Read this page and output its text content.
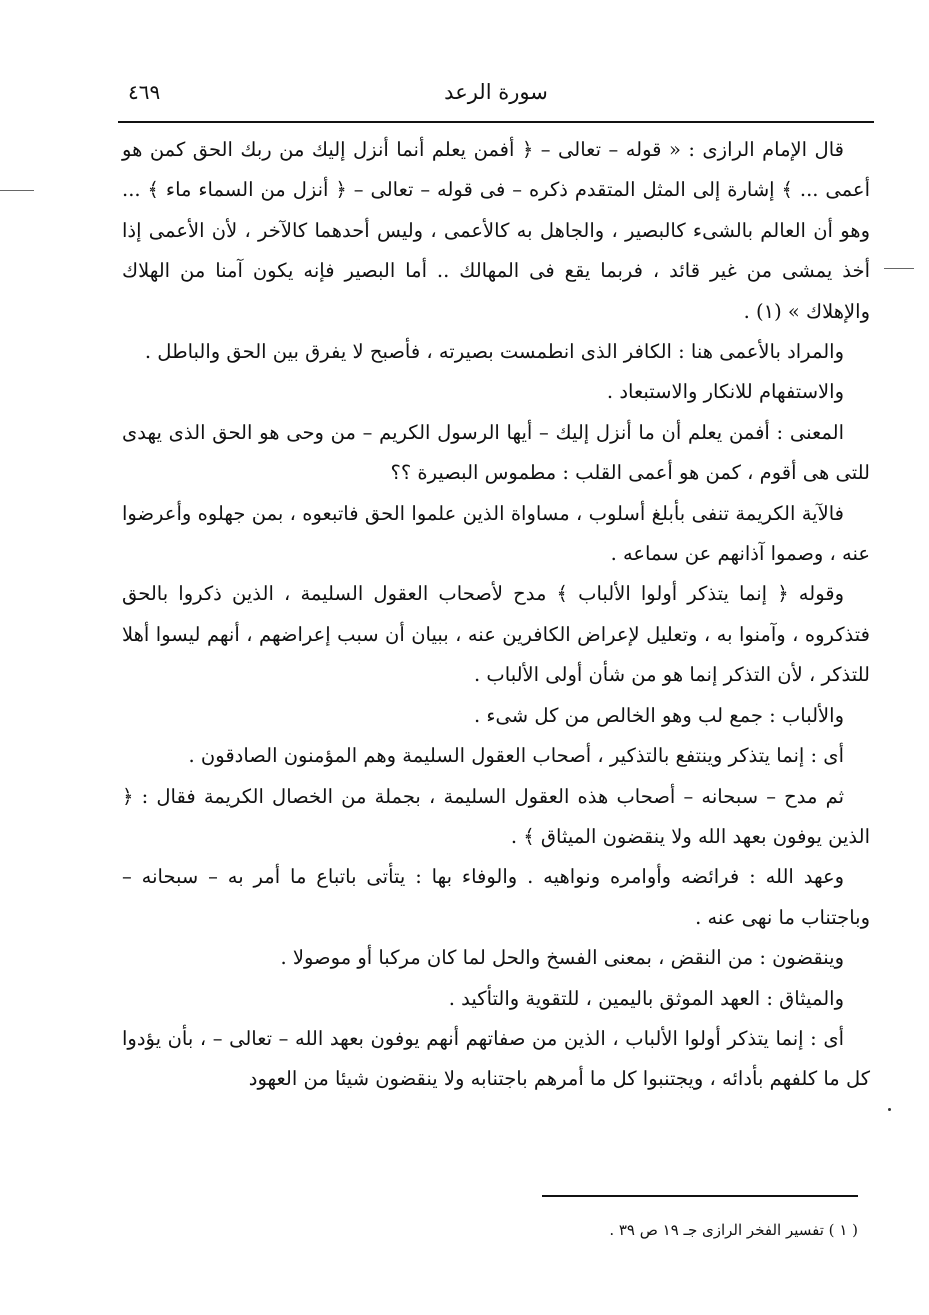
سورة الرعد
٤٦٩

قال الإمام الرازى : « قوله – تعالى – ﴿ أفمن يعلم أنما أنزل إليك من ربك الحق كمن هو أعمى ... ﴾ إشارة إلى المثل المتقدم ذكره – فى قوله – تعالى – ﴿ أنزل من السماء ماء ﴾ ... وهو أن العالم بالشىء كالبصير ، والجاهل به كالأعمى ، وليس أحدهما كالآخر ، لأن الأعمى إذا أخذ يمشى من غير قائد ، فربما يقع فى المهالك .. أما البصير فإنه يكون آمنا من الهلاك والإهلاك » (١) .

والمراد بالأعمى هنا : الكافر الذى انطمست بصيرته ، فأصبح لا يفرق بين الحق والباطل .

والاستفهام للانكار والاستبعاد .

المعنى : أفمن يعلم أن ما أنزل إليك – أيها الرسول الكريم – من وحى هو الحق الذى يهدى للتى هى أقوم ، كمن هو أعمى القلب : مطموس البصيرة ؟؟

فالآية الكريمة تنفى بأبلغ أسلوب ، مساواة الذين علموا الحق فاتبعوه ، بمن جهلوه وأعرضوا عنه ، وصموا آذانهم عن سماعه .

وقوله ﴿ إنما يتذكر أولوا الألباب ﴾ مدح لأصحاب العقول السليمة ، الذين ذكروا بالحق فتذكروه ، وآمنوا به ، وتعليل لإعراض الكافرين عنه ، ببيان أن سبب إعراضهم ، أنهم ليسوا أهلا للتذكر ، لأن التذكر إنما هو من شأن أولى الألباب .

والألباب : جمع لب وهو الخالص من كل شىء .

أى : إنما يتذكر وينتفع بالتذكير ، أصحاب العقول السليمة وهم المؤمنون الصادقون .

ثم مدح – سبحانه – أصحاب هذه العقول السليمة ، بجملة من الخصال الكريمة فقال : ﴿ الذين يوفون بعهد الله ولا ينقضون الميثاق ﴾ .

وعهد الله : فرائضه وأوامره ونواهيه . والوفاء بها : يتأتى باتباع ما أمر به – سبحانه – وباجتناب ما نهى عنه .

وينقضون : من النقض ، بمعنى الفسخ والحل لما كان مركبا أو موصولا .

والميثاق : العهد الموثق باليمين ، للتقوية والتأكيد .

أى : إنما يتذكر أولوا الألباب ، الذين من صفاتهم أنهم يوفون بعهد الله – تعالى – ، بأن يؤدوا كل ما كلفهم بأدائه ، ويجتنبوا كل ما أمرهم باجتنابه ولا ينقضون شيئا من العهود

( ١ ) تفسير الفخر الرازى جـ ١٩ ص ٣٩ .
